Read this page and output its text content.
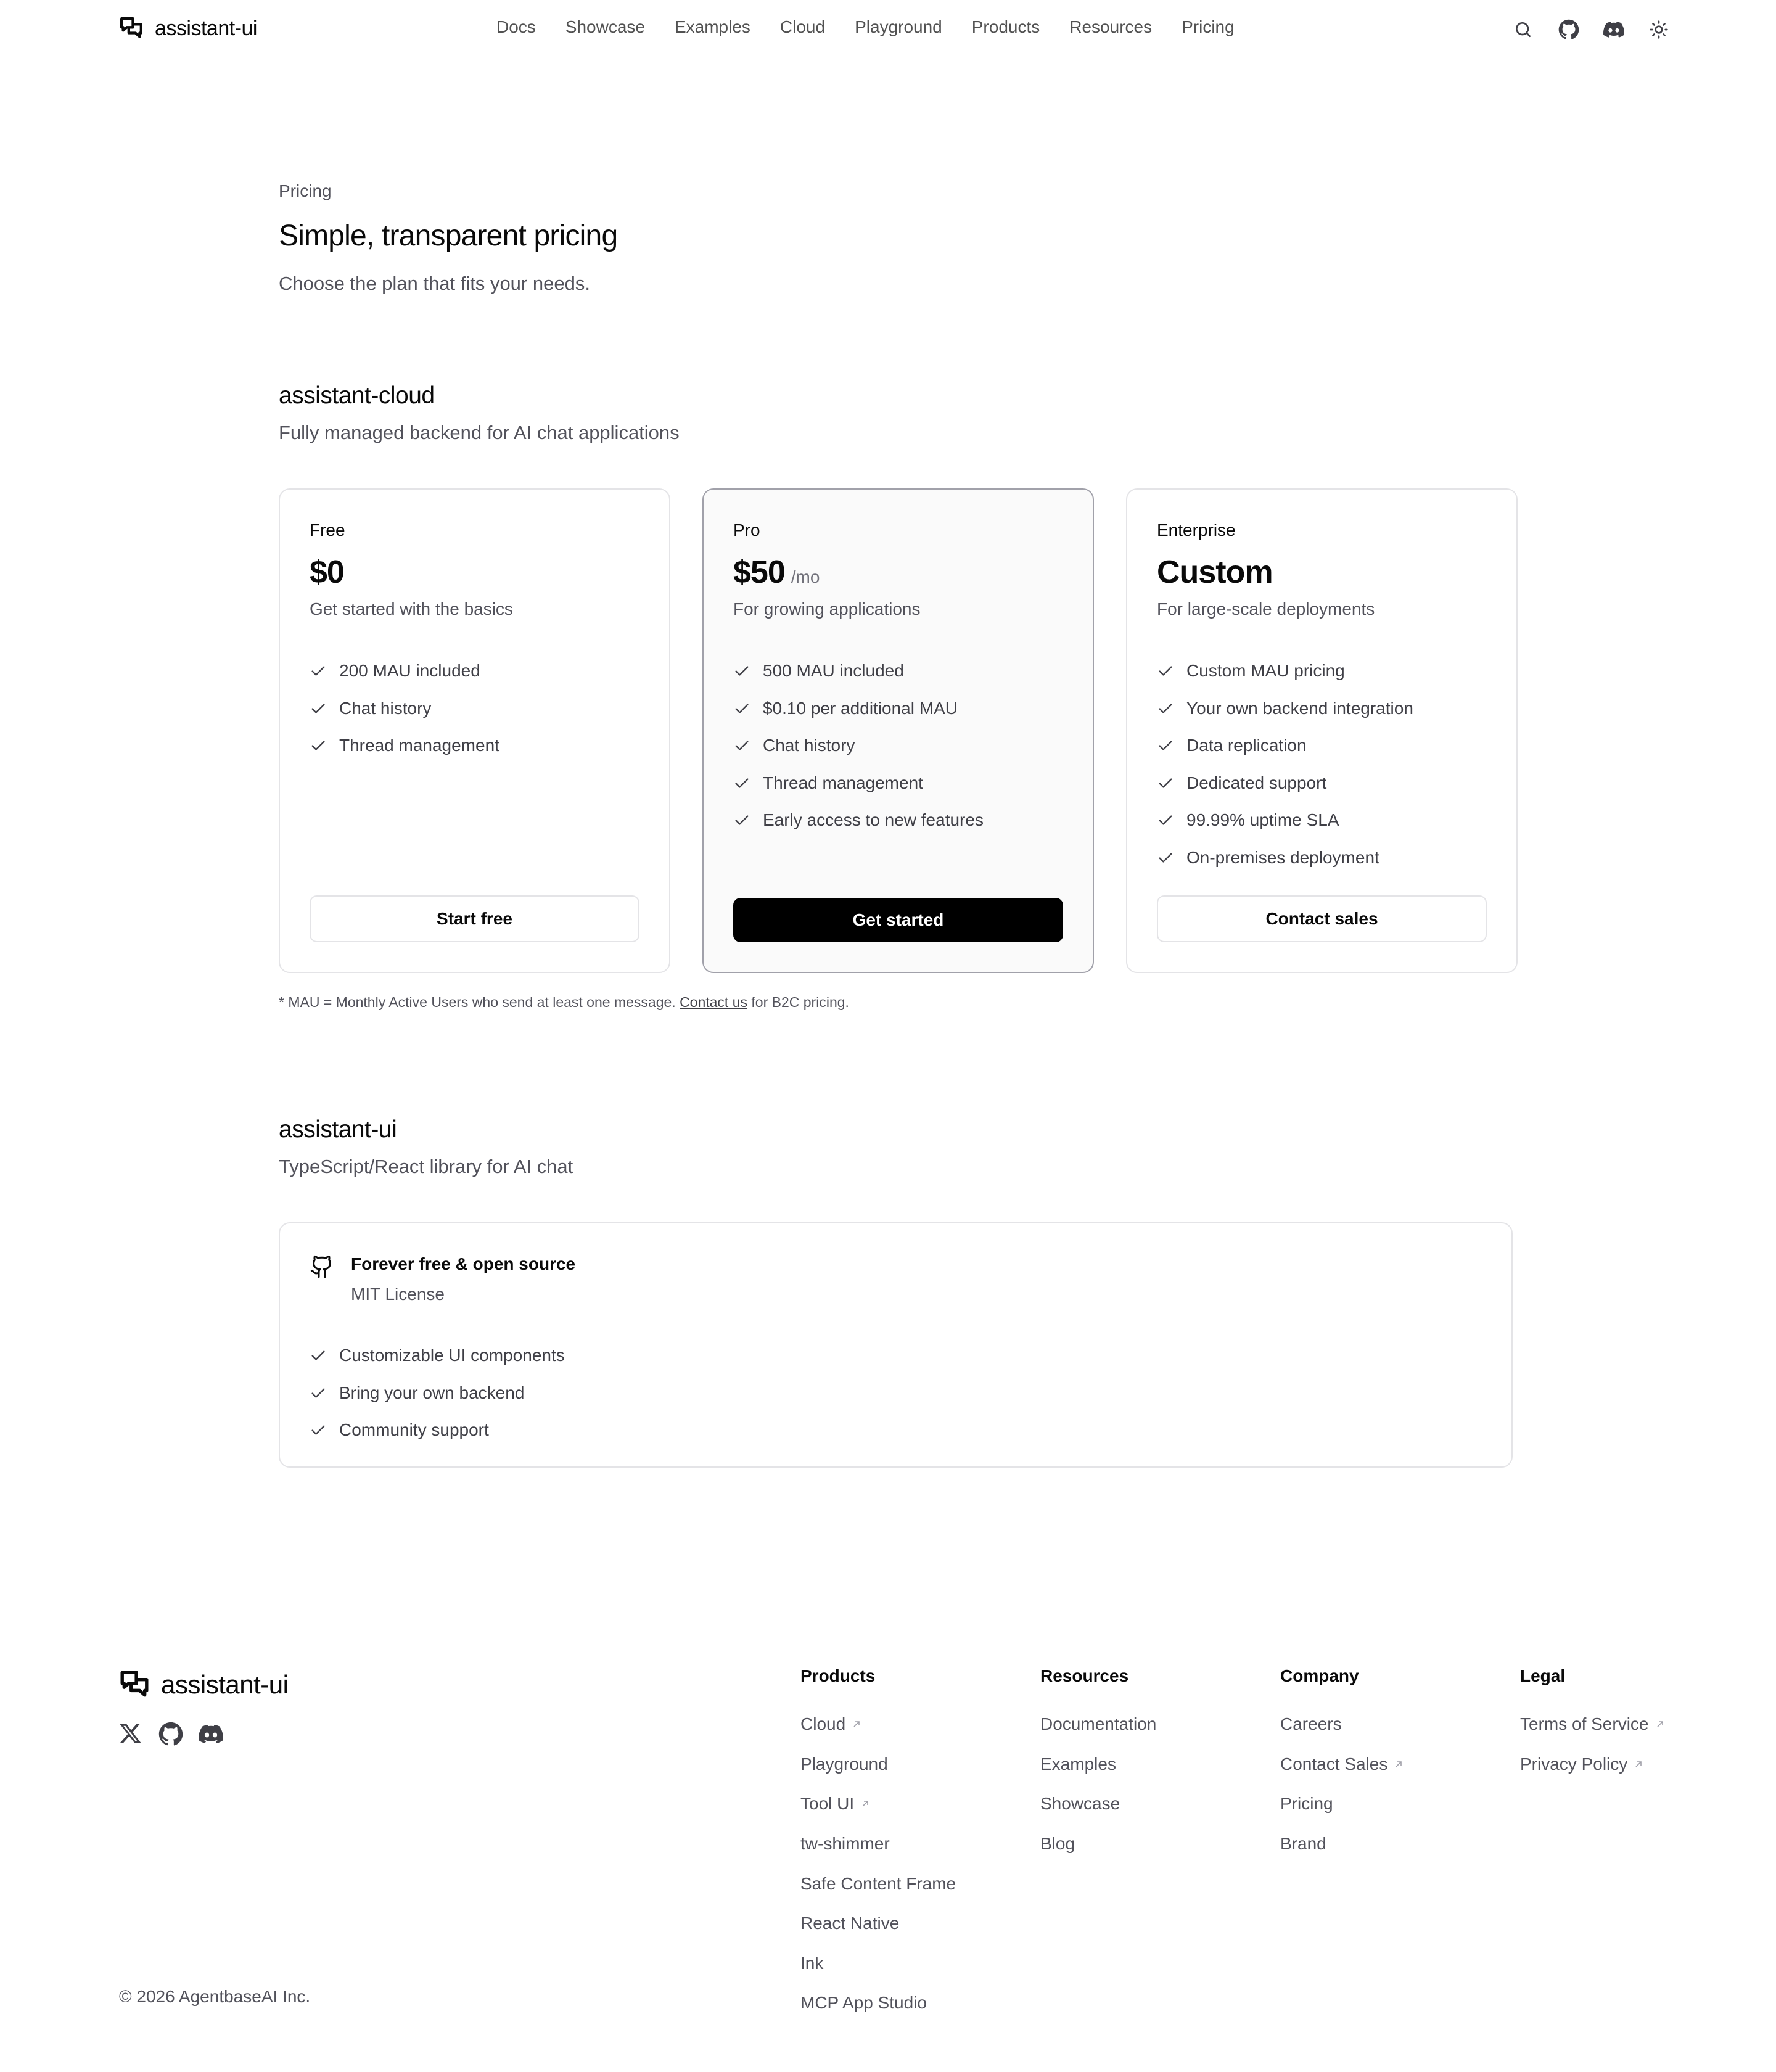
assistant-ui	Docs Showcase Examples Cloud Playground Products Resources Pricing
Pricing
Simple, transparent pricing

Choose the plan that fits your needs.

assistant-cloud

Fully managed backend for AI chat applications

Free
$0
Get started with the basics
200 MAU included
Chat history
Thread management
Start free
Pro
$50 /mo
For growing applications
500 MAU included
$0.10 per additional MAU
Chat history
Thread management
Early access to new features
Get started
Enterprise
Custom
For large-scale deployments
Custom MAU pricing
Your own backend integration
Data replication
Dedicated support
99.99% uptime SLA
On-premises deployment
Contact sales

* MAU = Monthly Active Users who send at least one message. Contact us for B2C pricing.

assistant-ui

TypeScript/React library for AI chat

Forever free & open source
MIT License
Customizable UI components
Bring your own backend
Community support
assistant-ui	Products
Cloud
Playground
Tool UI
tw-shimmer
Safe Content Frame
React Native
Ink
MCP App Studio
Resources
Documentation
Examples
Showcase
Blog
Company
Careers
Contact Sales
Pricing
Brand
Legal
Terms of Service
Privacy Policy
© 2026 AgentbaseAI Inc.
